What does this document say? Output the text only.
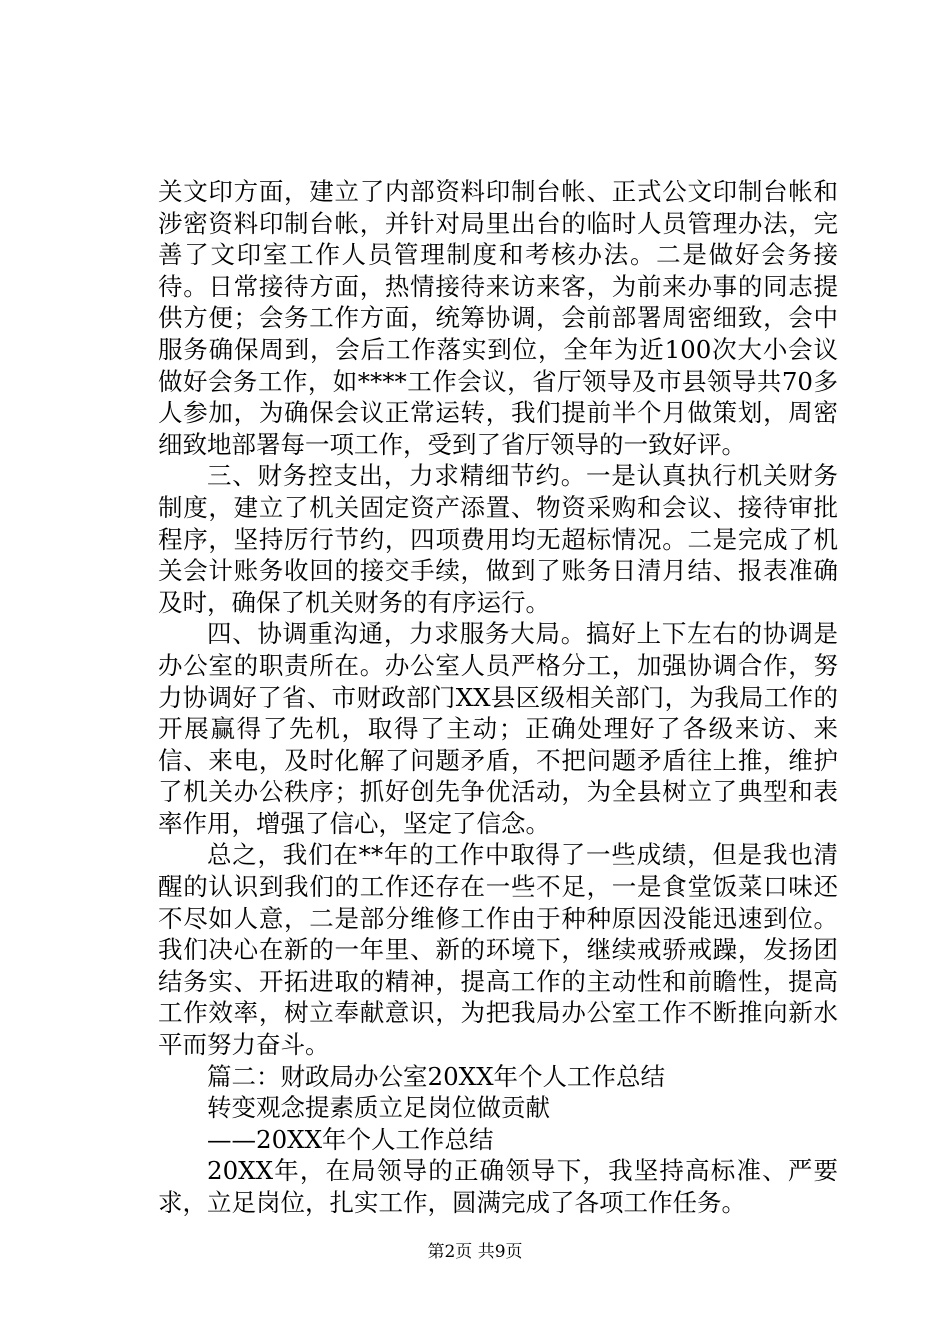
关文印方面，建立了内部资料印制台帐、正式公文印制台帐和涉密资料印制台帐，并针对局里出台的临时人员管理办法，完善了文印室工作人员管理制度和考核办法。二是做好会务接待。日常接待方面，热情接待来访来客，为前来办事的同志提供方便；会务工作方面，统筹协调，会前部署周密细致，会中服务确保周到，会后工作落实到位，全年为近100次大小会议做好会务工作，如****工作会议，省厅领导及市县领导共70多人参加，为确保会议正常运转，我们提前半个月做策划，周密细致地部署每一项工作，受到了省厅领导的一致好评。

三、财务控支出，力求精细节约。一是认真执行机关财务制度，建立了机关固定资产添置、物资采购和会议、接待审批程序，坚持厉行节约，四项费用均无超标情况。二是完成了机关会计账务收回的接交手续，做到了账务日清月结、报表准确及时，确保了机关财务的有序运行。

四、协调重沟通，力求服务大局。搞好上下左右的协调是办公室的职责所在。办公室人员严格分工，加强协调合作，努力协调好了省、市财政部门XX县区级相关部门，为我局工作的开展赢得了先机，取得了主动；正确处理好了各级来访、来信、来电，及时化解了问题矛盾，不把问题矛盾往上推，维护了机关办公秩序；抓好创先争优活动，为全县树立了典型和表率作用，增强了信心，坚定了信念。

总之，我们在**年的工作中取得了一些成绩，但是我也清醒的认识到我们的工作还存在一些不足，一是食堂饭菜口味还不尽如人意，二是部分维修工作由于种种原因没能迅速到位。我们决心在新的一年里、新的环境下，继续戒骄戒躁，发扬团结务实、开拓进取的精神，提高工作的主动性和前瞻性，提高工作效率，树立奉献意识，为把我局办公室工作不断推向新水平而努力奋斗。

篇二：财政局办公室20XX年个人工作总结

转变观念提素质立足岗位做贡献

——20XX年个人工作总结

20XX年，在局领导的正确领导下，我坚持高标准、严要求，立足岗位，扎实工作，圆满完成了各项工作任务。

第2页 共9页
